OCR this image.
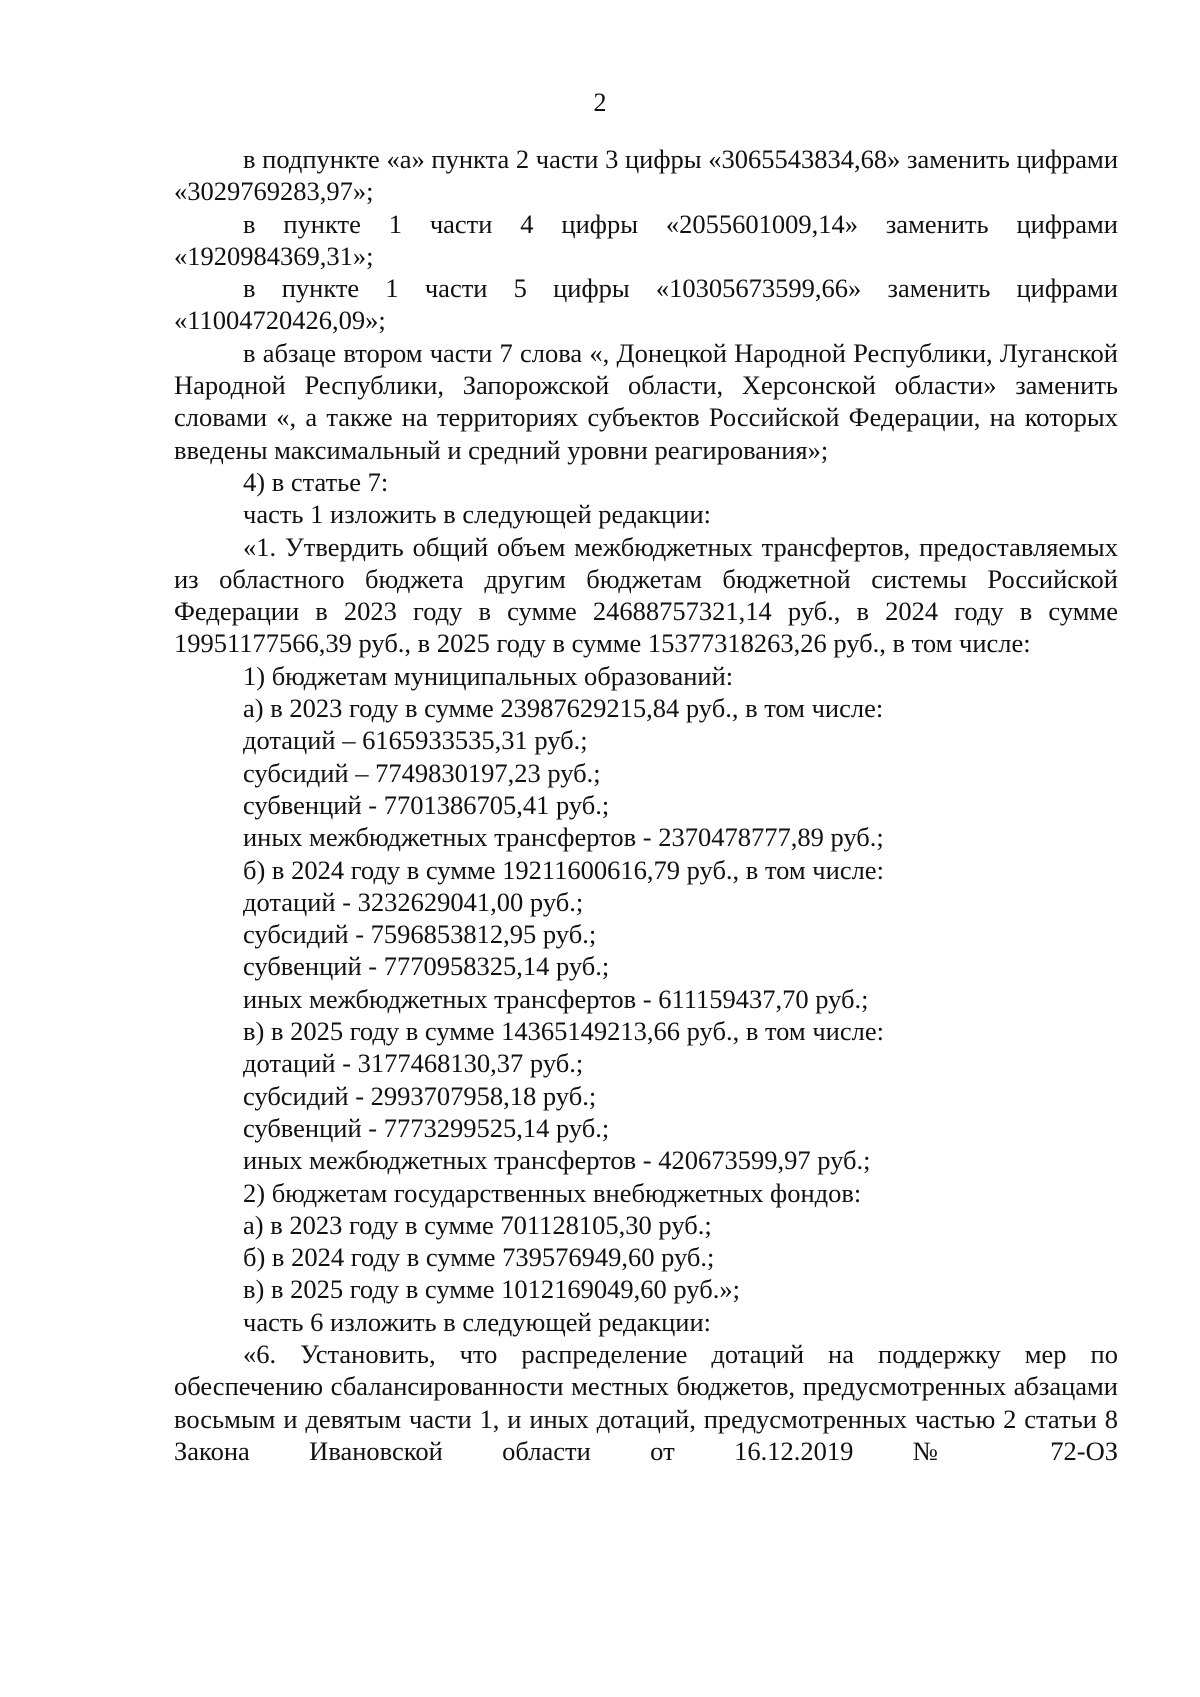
2

в подпункте «а» пункта 2 части 3 цифры «3065543834,68» заменить цифрами «3029769283,97»;

в пункте 1 части 4 цифры «2055601009,14» заменить цифрами «1920984369,31»;

в пункте 1 части 5 цифры «10305673599,66» заменить цифрами «11004720426,09»;

в абзаце втором части 7 слова «, Донецкой Народной Республики, Луганской Народной Республики, Запорожской области, Херсонской области» заменить словами «, а также на территориях субъектов Российской Федерации, на которых введены максимальный и средний уровни реагирования»;

4) в статье 7:

часть 1 изложить в следующей редакции:

«1. Утвердить общий объем межбюджетных трансфертов, предоставляемых из областного бюджета другим бюджетам бюджетной системы Российской Федерации в 2023 году в сумме 24688757321,14 руб., в 2024 году в сумме 19951177566,39 руб., в 2025 году в сумме 15377318263,26 руб., в том числе:

1) бюджетам муниципальных образований:

а) в 2023 году в сумме 23987629215,84 руб., в том числе:

дотаций – 6165933535,31 руб.;

субсидий – 7749830197,23 руб.;

субвенций - 7701386705,41 руб.;

иных межбюджетных трансфертов - 2370478777,89 руб.;

б) в 2024 году в сумме 19211600616,79 руб., в том числе:

дотаций - 3232629041,00 руб.;

субсидий - 7596853812,95 руб.;

субвенций - 7770958325,14 руб.;

иных межбюджетных трансфертов - 611159437,70 руб.;

в) в 2025 году в сумме 14365149213,66 руб., в том числе:

дотаций - 3177468130,37 руб.;

субсидий - 2993707958,18 руб.;

субвенций - 7773299525,14 руб.;

иных межбюджетных трансфертов - 420673599,97 руб.;

2) бюджетам государственных внебюджетных фондов:

а) в 2023 году в сумме 701128105,30 руб.;

б) в 2024 году в сумме 739576949,60 руб.;

в) в 2025 году в сумме 1012169049,60 руб.»;

часть 6 изложить в следующей редакции:

«6. Установить, что распределение дотаций на поддержку мер по обеспечению сбалансированности местных бюджетов, предусмотренных абзацами восьмым и девятым части 1, и иных дотаций, предусмотренных частью 2 статьи 8 Закона Ивановской области от 16.12.2019 № 72-ОЗ
